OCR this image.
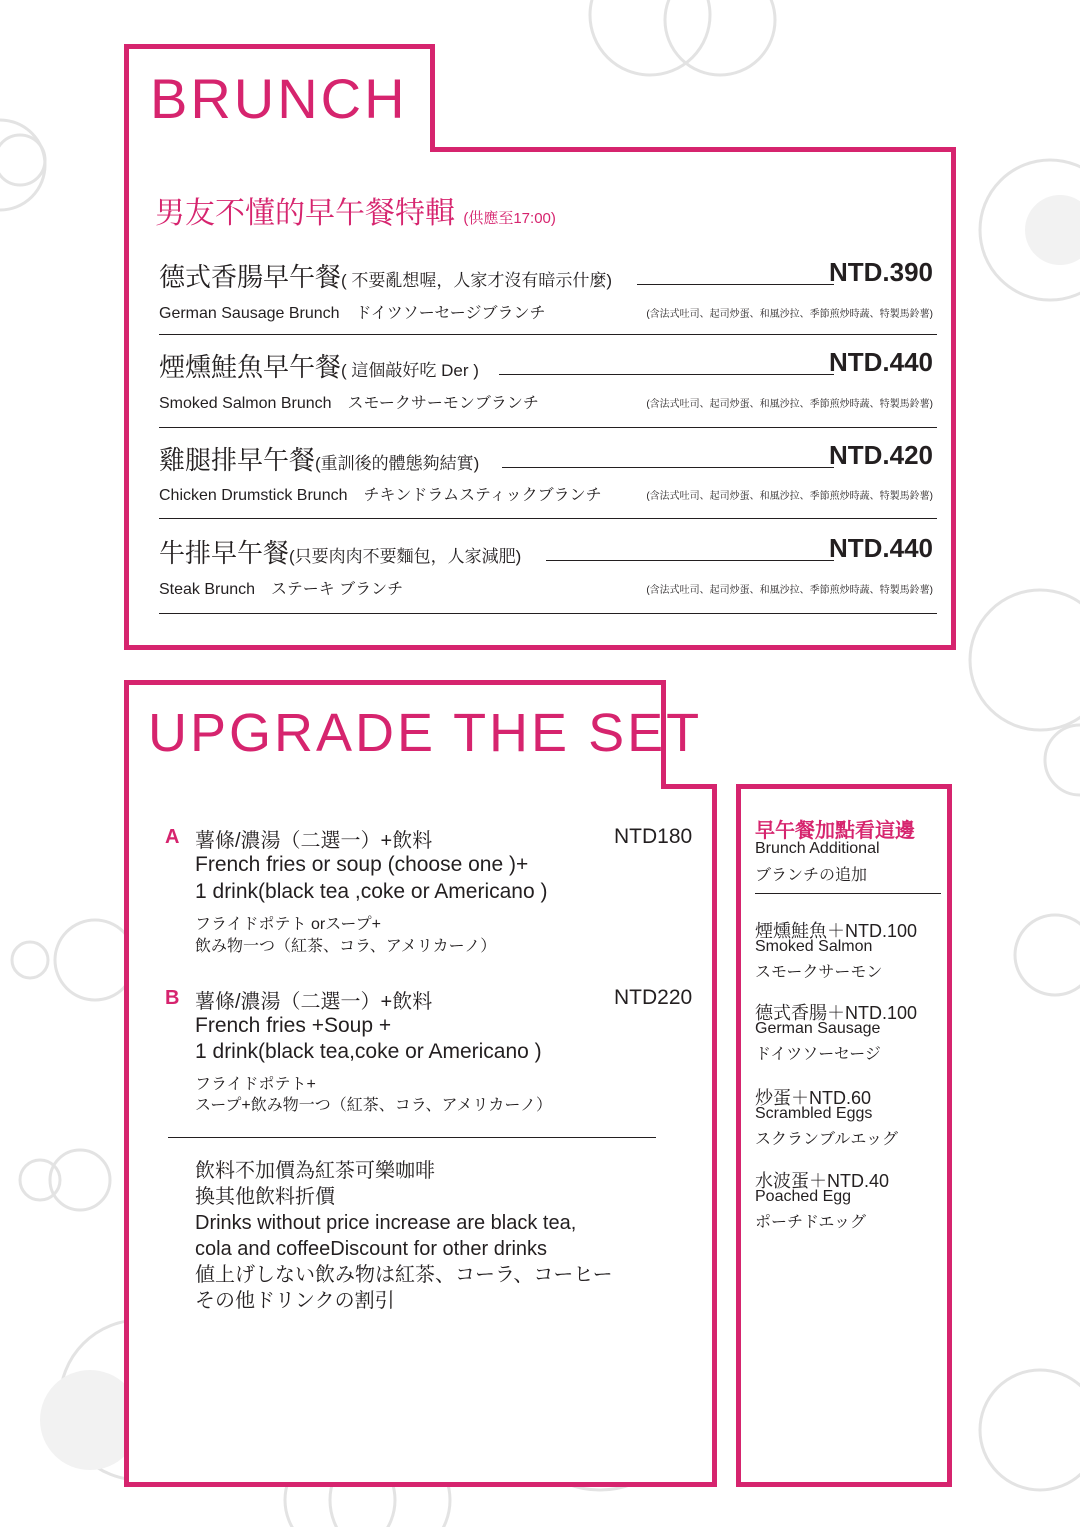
BRUNCH
男友不懂的早午餐特輯 (供應至17:00)
德式香腸早午餐( 不要亂想喔，人家才沒有暗示什麼)	NTD.390
German Sausage Brunch　ドイツソーセージブランチ	(含法式吐司、起司炒蛋、和風沙拉、季節煎炒時蔬、特製馬鈴薯)
煙燻鮭魚早午餐( 這個敲好吃 Der )	NTD.440
Smoked Salmon Brunch　スモークサーモンブランチ	(含法式吐司、起司炒蛋、和風沙拉、季節煎炒時蔬、特製馬鈴薯)
雞腿排早午餐(重訓後的體態夠結實)	NTD.420
Chicken Drumstick Brunch　チキンドラムスティックブランチ	(含法式吐司、起司炒蛋、和風沙拉、季節煎炒時蔬、特製馬鈴薯)
牛排早午餐(只要肉肉不要麵包，人家減肥)	NTD.440
Steak Brunch　ステーキ ブランチ	(含法式吐司、起司炒蛋、和風沙拉、季節煎炒時蔬、特製馬鈴薯)
UPGRADE THE SET
A 薯條/濃湯（二選一）+飲料	NTD180
French fries or soup (choose one )+
1 drink(black tea ,coke or Americano )
フライドポテト orスープ+
飲み物一つ（紅茶、コラ、アメリカーノ）
B 薯條/濃湯（二選一）+飲料	NTD220
French fries +Soup +
1 drink(black tea,coke or Americano )
フライドポテト+
スープ+飲み物一つ（紅茶、コラ、アメリカーノ）
飲料不加價為紅茶可樂咖啡
換其他飲料折價
Drinks without price increase are black tea,
cola and coffeeDiscount for other drinks
値上げしない飲み物は紅茶、コーラ、コーヒー
その他ドリンクの割引
早午餐加點看這邊
Brunch Additional
ブランチの追加
煙燻鮭魚＋NTD.100
Smoked Salmon
スモークサーモン
德式香腸＋NTD.100
German Sausage
ドイツソーセージ
炒蛋＋NTD.60
Scrambled Eggs
スクランブルエッグ
水波蛋＋NTD.40
Poached Egg
ポーチドエッグ
